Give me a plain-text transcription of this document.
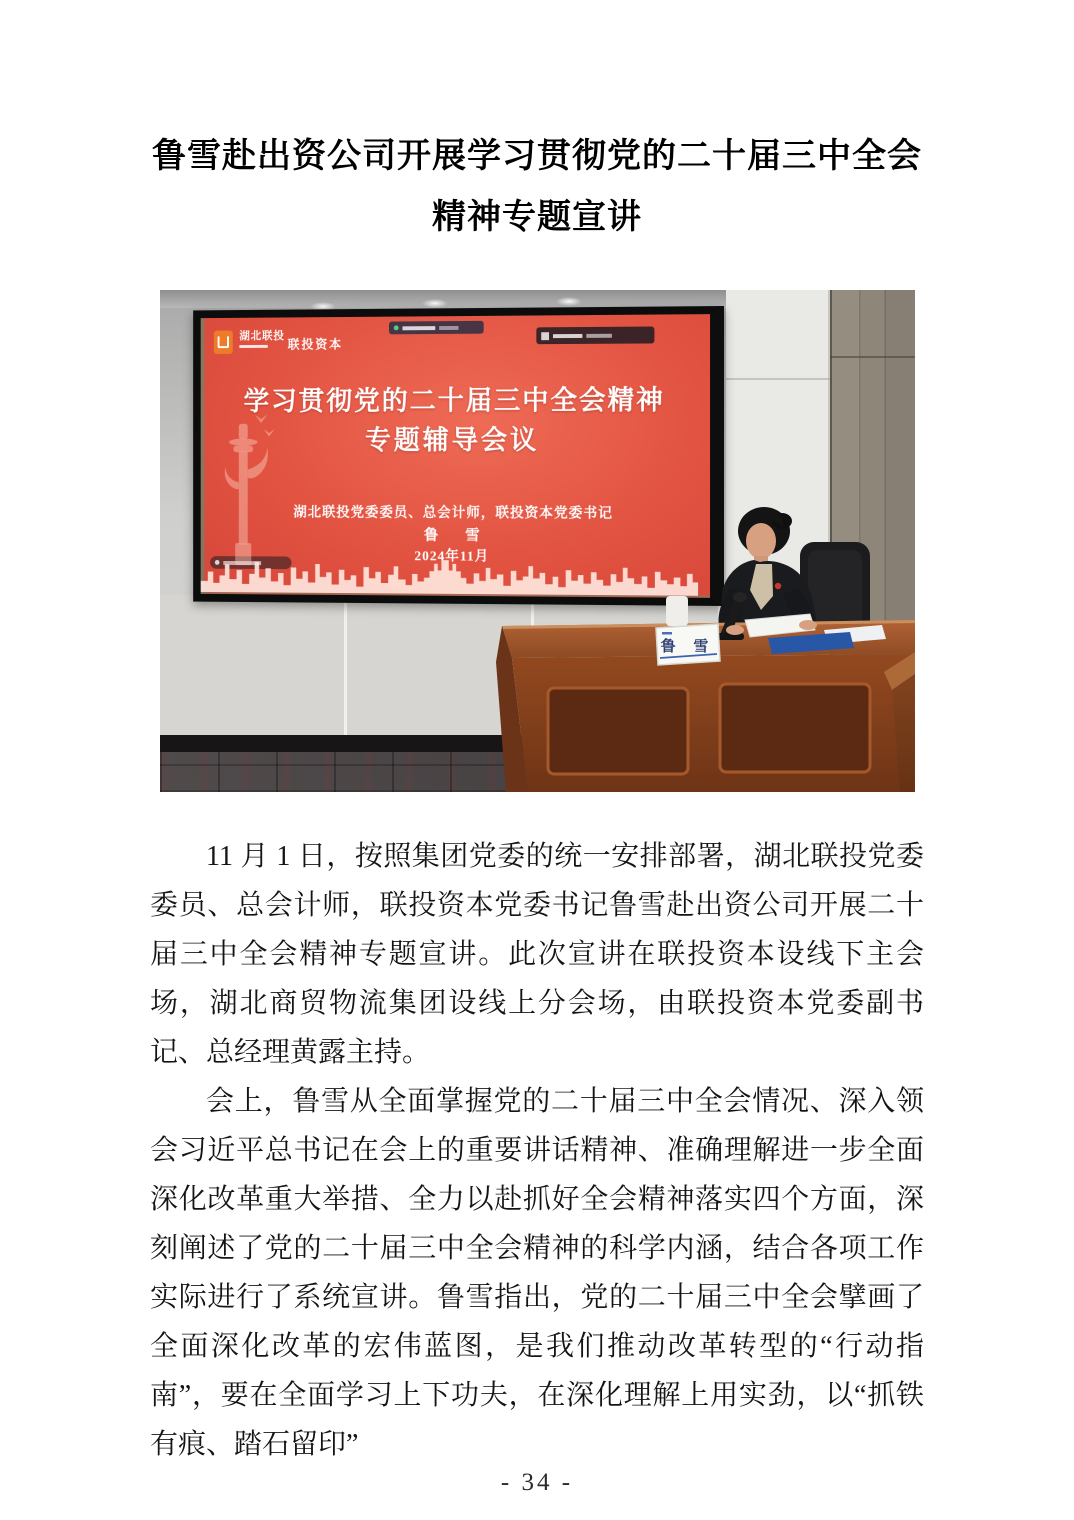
鲁雪赴出资公司开展学习贯彻党的二十届三中全会
精神专题宣讲
湖北联投
联投资本
学习贯彻党的二十届三中全会精神
专题辅导会议
湖北联投党委委员、总会计师，联投资本党委书记
鲁 雪
2024年11月
鲁 雪

11 月 1 日，按照集团党委的统一安排部署，湖北联投党委委员、总会计师，联投资本党委书记鲁雪赴出资公司开展二十届三中全会精神专题宣讲。此次宣讲在联投资本设线下主会场，湖北商贸物流集团设线上分会场，由联投资本党委副书记、总经理黄露主持。

会上，鲁雪从全面掌握党的二十届三中全会情况、深入领会习近平总书记在会上的重要讲话精神、准确理解进一步全面深化改革重大举措、全力以赴抓好全会精神落实四个方面，深刻阐述了党的二十届三中全会精神的科学内涵，结合各项工作实际进行了系统宣讲。鲁雪指出，党的二十届三中全会擘画了全面深化改革的宏伟蓝图，是我们推动改革转型的“行动指南”，要在全面学习上下功夫，在深化理解上用实劲，以“抓铁有痕、踏石留印”

- 34 -
